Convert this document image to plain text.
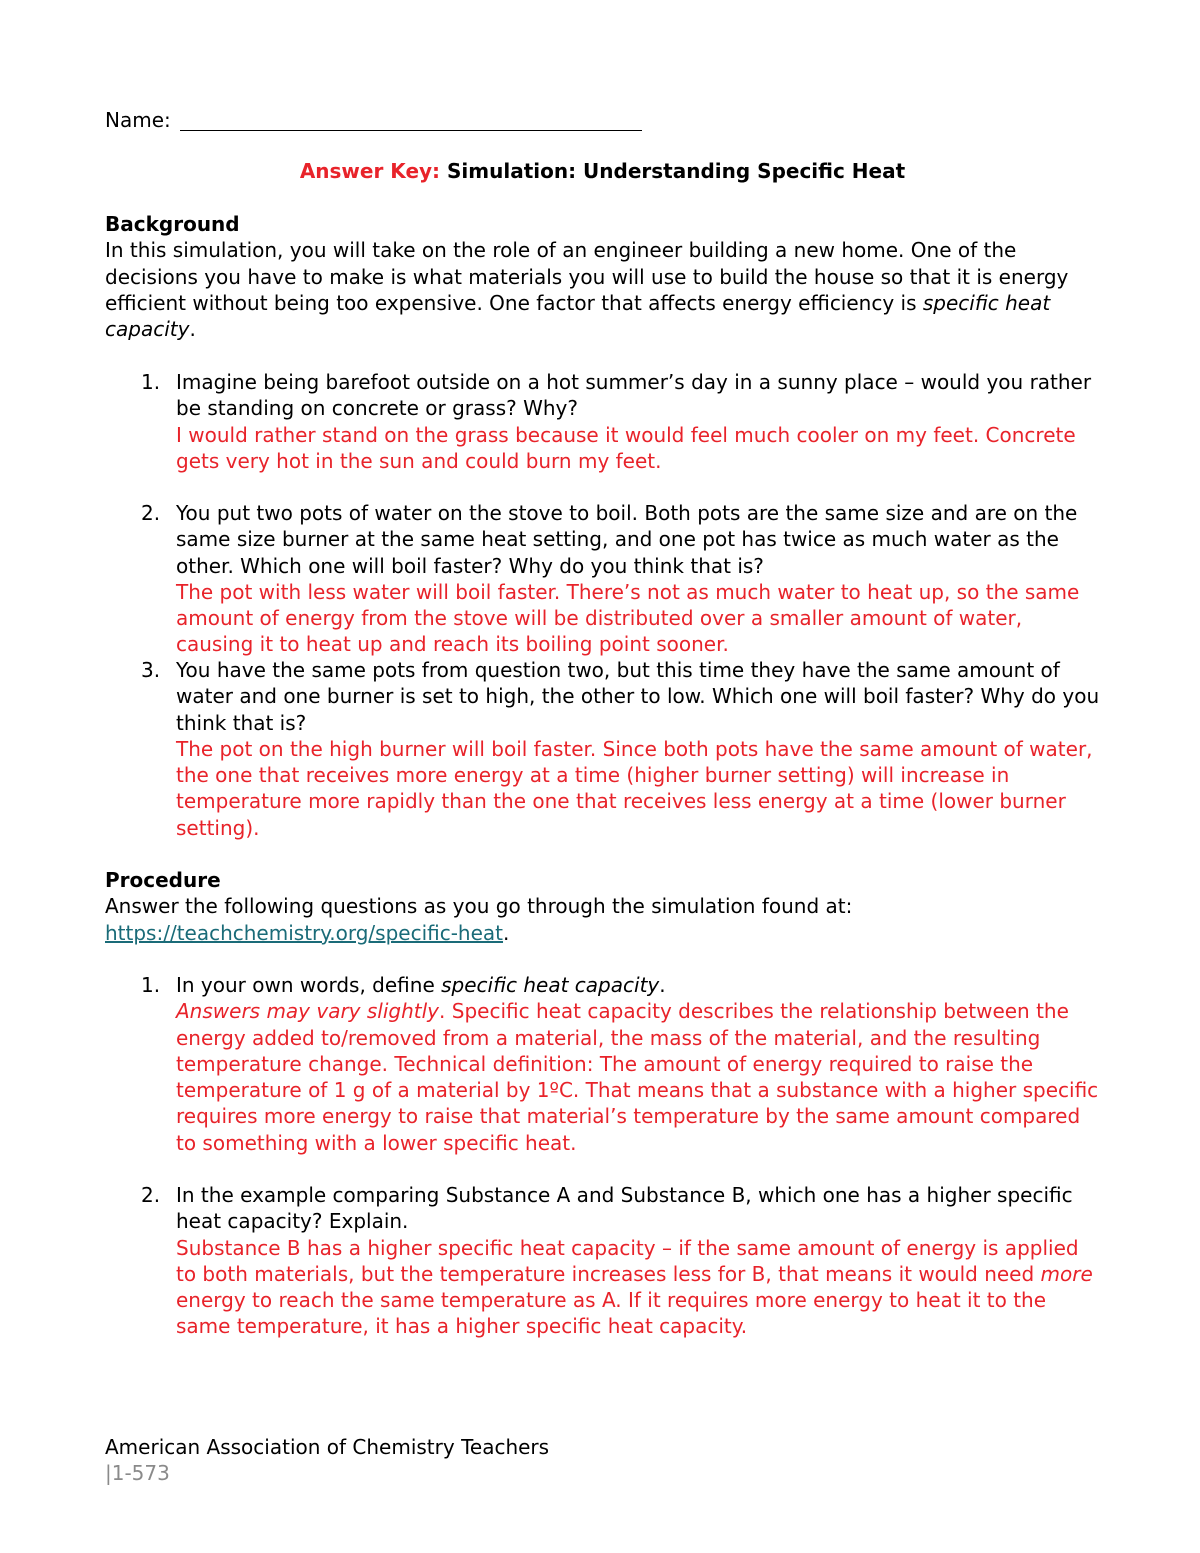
Name:
Answer Key: Simulation: Understanding Specific Heat
Background
In this simulation, you will take on the role of an engineer building a new home. One of the decisions you have to make is what materials you will use to build the house so that it is energy efficient without being too expensive. One factor that affects energy efficiency is specific heat capacity.
1. Imagine being barefoot outside on a hot summer’s day in a sunny place – would you rather be standing on concrete or grass? Why?
I would rather stand on the grass because it would feel much cooler on my feet. Concrete gets very hot in the sun and could burn my feet.
2. You put two pots of water on the stove to boil. Both pots are the same size and are on the same size burner at the same heat setting, and one pot has twice as much water as the other. Which one will boil faster? Why do you think that is?
The pot with less water will boil faster. There’s not as much water to heat up, so the same amount of energy from the stove will be distributed over a smaller amount of water, causing it to heat up and reach its boiling point sooner.
3. You have the same pots from question two, but this time they have the same amount of water and one burner is set to high, the other to low. Which one will boil faster? Why do you think that is?
The pot on the high burner will boil faster. Since both pots have the same amount of water, the one that receives more energy at a time (higher burner setting) will increase in temperature more rapidly than the one that receives less energy at a time (lower burner setting).
Procedure
Answer the following questions as you go through the simulation found at:
https://teachchemistry.org/specific-heat.
1. In your own words, define specific heat capacity.
Answers may vary slightly. Specific heat capacity describes the relationship between the energy added to/removed from a material, the mass of the material, and the resulting temperature change. Technical definition: The amount of energy required to raise the temperature of 1 g of a material by 1ºC. That means that a substance with a higher specific requires more energy to raise that material’s temperature by the same amount compared to something with a lower specific heat.
2. In the example comparing Substance A and Substance B, which one has a higher specific heat capacity? Explain.
Substance B has a higher specific heat capacity – if the same amount of energy is applied to both materials, but the temperature increases less for B, that means it would need more energy to reach the same temperature as A. If it requires more energy to heat it to the same temperature, it has a higher specific heat capacity.
American Association of Chemistry Teachers
|1-573
